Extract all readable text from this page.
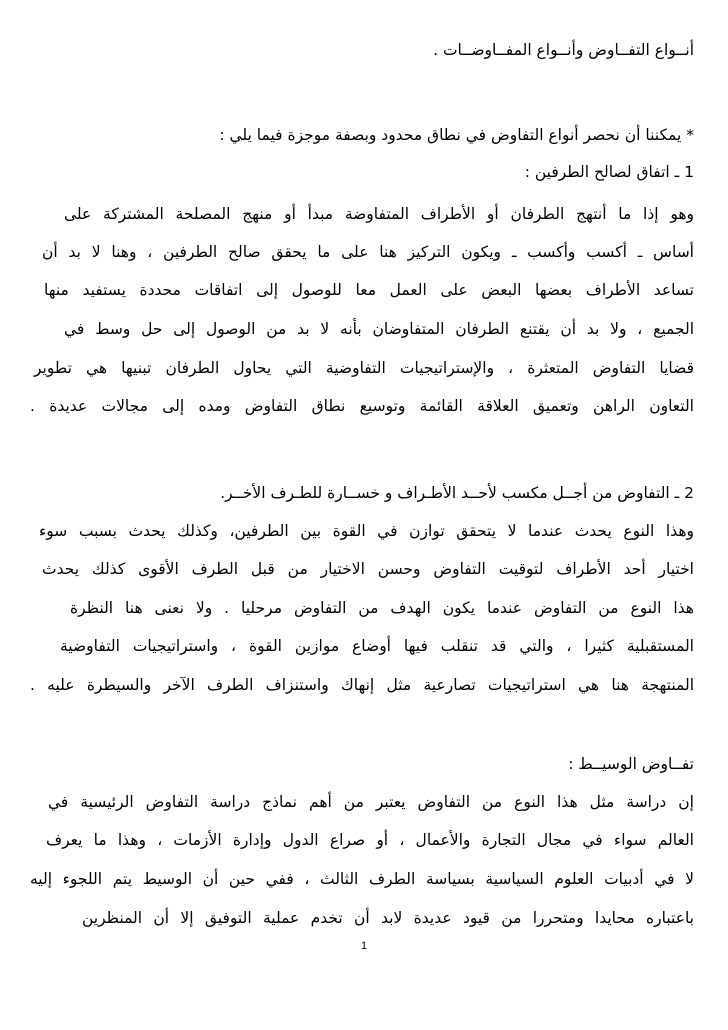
أنــواع التفــاوض وأنــواع المفــاوضــات .
* يمكننا أن نحصر أنواع التفاوض في نطاق محدود وبصفة موجزة فيما يلي :
1 ـ اتفاق لصالح الطرفين :
وهو إذا ما أنتهج الطرفان أو الأطراف المتفاوضة مبدأ أو منهج المصلحة المشتركة على
أساس ـ أكسب وأكسب ـ ويكون التركيز هنا على ما يحقق صالح الطرفين ، وهنا لا بد أن
تساعد الأطراف بعضها البعض على العمل معا للوصول إلى اتفاقات محددة يستفيد منها
الجميع ، ولا بد أن يقتنع الطرفان المتفاوضان بأنه لا بد من الوصول إلى حل وسط في
قضايا التفاوض المتعثرة ، والإستراتيجيات التفاوضية التي يحاول الطرفان تبنيها هي تطوير
التعاون الراهن وتعميق العلاقة القائمة وتوسيع نطاق التفاوض ومده إلى مجالات عديدة .
2 ـ التفاوض من أجــل مكسب لأحــد الأطـراف و خســارة للطـرف الأخــر.
وهذا النوع يحدث عندما لا يتحقق توازن في القوة بين الطرفين، وكذلك يحدث بسبب سوء
اختيار أحد الأطراف لتوقيت التفاوض وحسن الاختيار من قبل الطرف الأقوى كذلك يحدث
هذا النوع من التفاوض عندما يكون الهدف من التفاوض مرحليا . ولا نعنى هنا النظرة
المستقبلية كثيرا ، والتي قد تنقلب فيها أوضاع موازين القوة ، واستراتيجيات التفاوضية
المنتهجة هنا هي استراتيجيات تصارعية مثل إنهاك واستنزاف الطرف الآخر والسيطرة عليه .
تفــاوض الوسيــط :
إن دراسة مثل هذا النوع من التفاوض يعتبر من أهم نماذج دراسة التفاوض الرئيسية في
العالم سواء في مجال التجارة والأعمال ، أو صراع الدول وإدارة الأزمات ، وهذا ما يعرف
لا في أدبيات العلوم السياسية بسياسة الطرف الثالث ، ففي حين أن الوسيط يتم اللجوء إليه
باعتباره محايدا ومتحررا من قيود عديدة لابد أن تخدم عملية التوفيق إلا أن المنظرين
1
